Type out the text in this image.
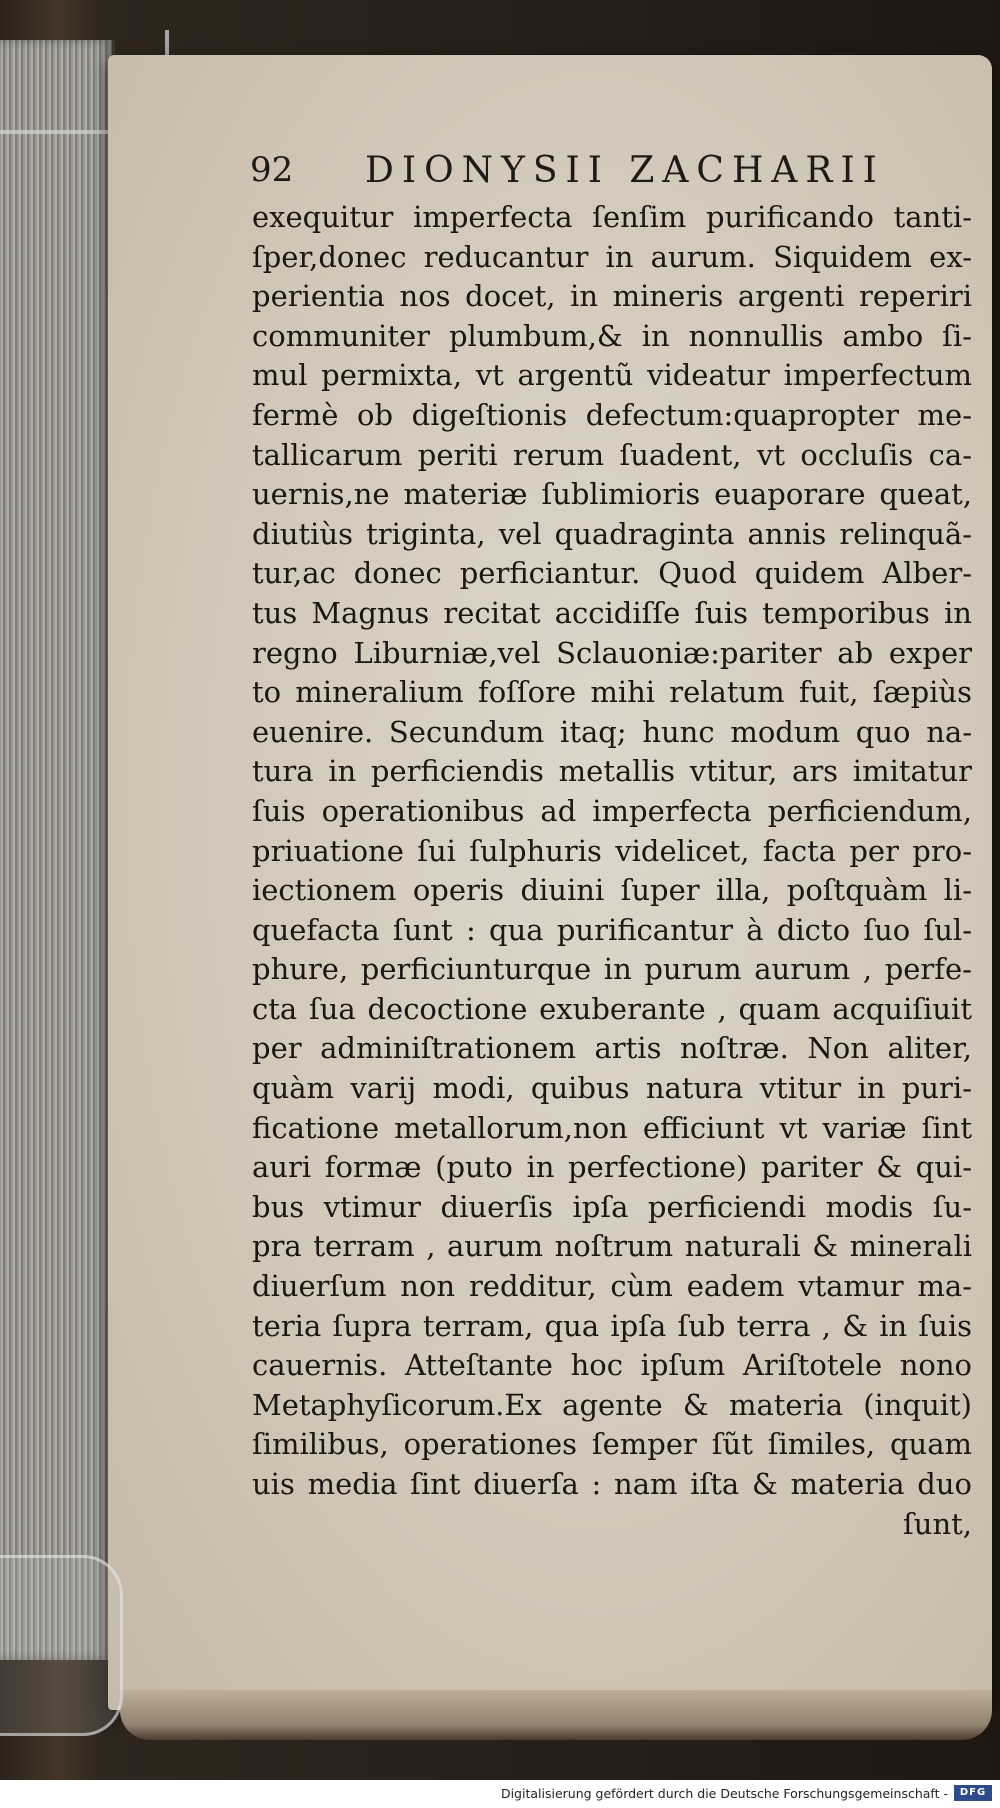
92 DIONYSII ZACHARII
exequitur imperfecta ſenſim purificando tanti-
ſper,donec reducantur in aurum. Siquidem ex-
perientia nos docet, in mineris argenti reperiri
communiter plumbum,& in nonnullis ambo ſi-
mul permixta, vt argentũ videatur imperfectum
fermè ob digeſtionis defectum:quapropter me-
tallicarum periti rerum ſuadent, vt occluſis ca-
uernis,ne materiæ ſublimioris euaporare queat,
diutiùs triginta, vel quadraginta annis relinquã-
tur,ac donec perficiantur. Quod quidem Alber-
tus Magnus recitat accidiſſe ſuis temporibus in
regno Liburniæ,vel Sclauoniæ:pariter ab exper
to mineralium foſſore mihi relatum fuit, ſæpiùs
euenire. Secundum itaq; hunc modum quo na-
tura in perficiendis metallis vtitur, ars imitatur
ſuis operationibus ad imperfecta perficiendum,
priuatione ſui ſulphuris videlicet, facta per pro-
iectionem operis diuini ſuper illa, poſtquàm li-
quefacta ſunt : qua purificantur à dicto ſuo ſul-
phure, perficiunturque in purum aurum , perfe-
cta ſua decoctione exuberante , quam acquiſiuit
per adminiſtrationem artis noſtræ. Non aliter,
quàm varij modi, quibus natura vtitur in puri-
ficatione metallorum,non efficiunt vt variæ ſint
auri formæ (puto in perfectione) pariter & qui-
bus vtimur diuerſis ipſa perficiendi modis ſu-
pra terram , aurum noſtrum naturali & minerali
diuerſum non redditur, cùm eadem vtamur ma-
teria ſupra terram, qua ipſa ſub terra , & in ſuis
cauernis. Atteſtante hoc ipſum Ariſtotele nono
Metaphyſicorum.Ex agente & materia (inquit)
ſimilibus, operationes ſemper ſũt ſimiles, quam
uis media ſint diuerſa : nam iſta & materia duo
ſunt,
Digitalisierung gefördert durch die Deutsche Forschungsgemeinschaft -	DFG
